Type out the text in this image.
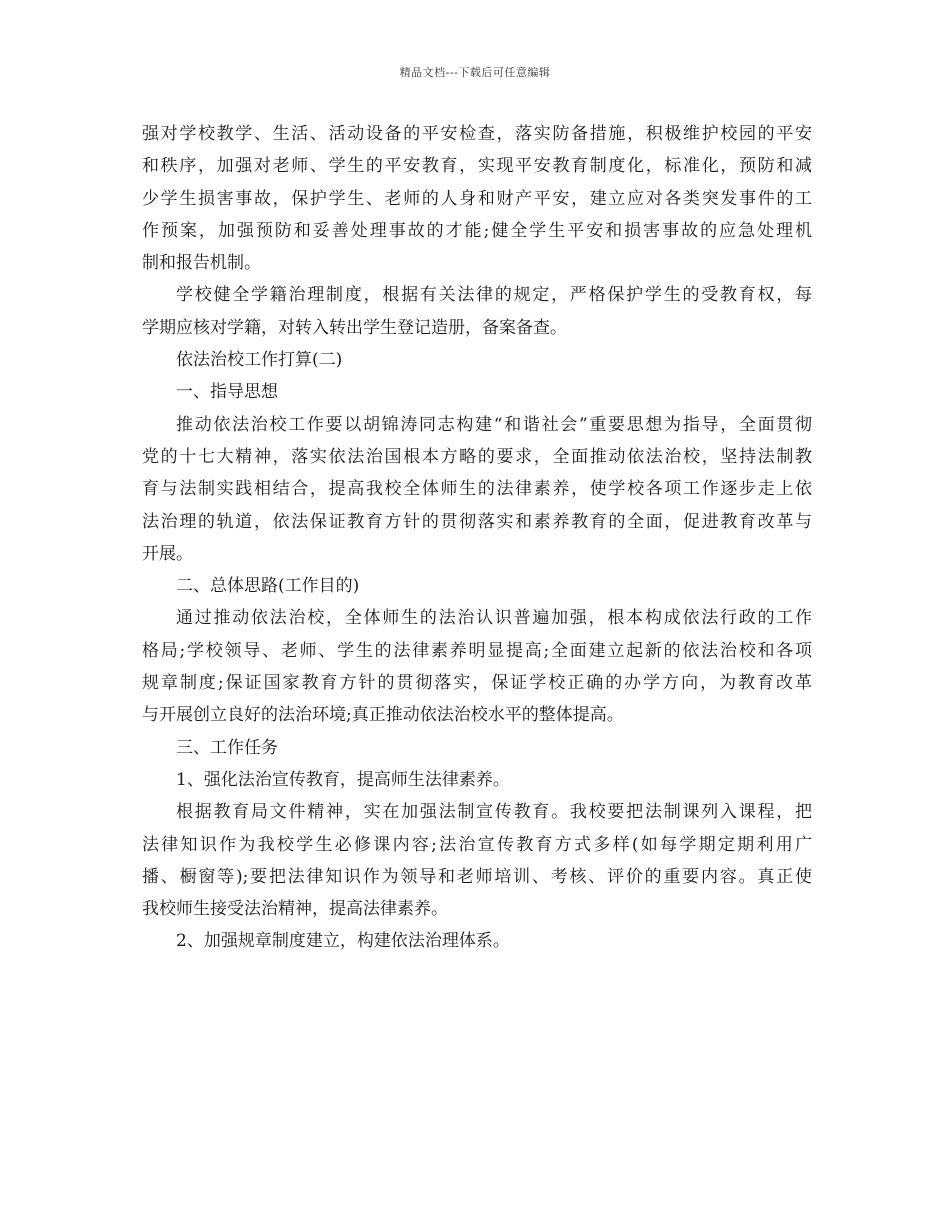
精品文档---下载后可任意编辑
强对学校教学、生活、活动设备的平安检查，落实防备措施，积极维护校园的平安
和秩序，加强对老师、学生的平安教育，实现平安教育制度化，标准化，预防和减
少学生损害事故，保护学生、老师的人身和财产平安，建立应对各类突发事件的工
作预案，加强预防和妥善处理事故的才能;健全学生平安和损害事故的应急处理机
制和报告机制。
学校健全学籍治理制度，根据有关法律的规定，严格保护学生的受教育权，每
学期应核对学籍，对转入转出学生登记造册，备案备查。
依法治校工作打算(二)
一、指导思想
推动依法治校工作要以胡锦涛同志构建“和谐社会”重要思想为指导，全面贯彻
党的十七大精神，落实依法治国根本方略的要求，全面推动依法治校，坚持法制教
育与法制实践相结合，提高我校全体师生的法律素养，使学校各项工作逐步走上依
法治理的轨道，依法保证教育方针的贯彻落实和素养教育的全面，促进教育改革与
开展。
二、总体思路(工作目的)
通过推动依法治校，全体师生的法治认识普遍加强，根本构成依法行政的工作
格局;学校领导、老师、学生的法律素养明显提高;全面建立起新的依法治校和各项
规章制度;保证国家教育方针的贯彻落实，保证学校正确的办学方向，为教育改革
与开展创立良好的法治环境;真正推动依法治校水平的整体提高。
三、工作任务
1、强化法治宣传教育，提高师生法律素养。
根据教育局文件精神，实在加强法制宣传教育。我校要把法制课列入课程，把
法律知识作为我校学生必修课内容;法治宣传教育方式多样(如每学期定期利用广
播、橱窗等);要把法律知识作为领导和老师培训、考核、评价的重要内容。真正使
我校师生接受法治精神，提高法律素养。
2、加强规章制度建立，构建依法治理体系。
